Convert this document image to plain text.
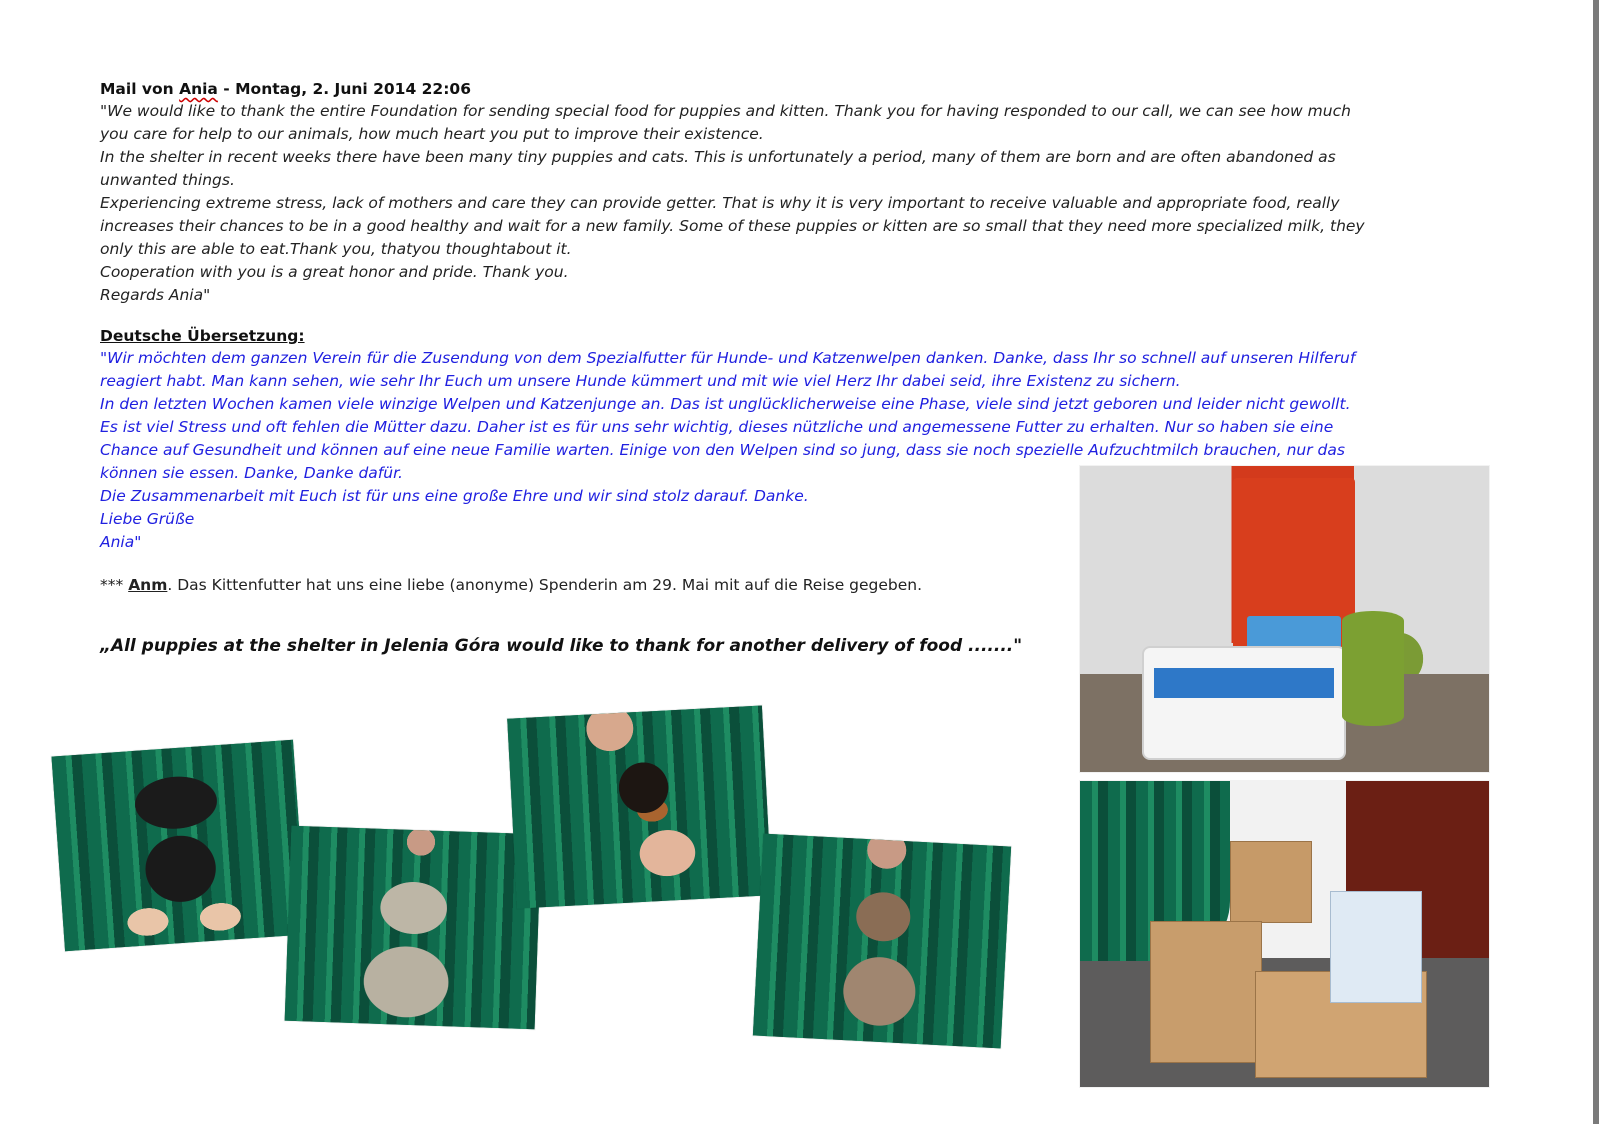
Mail von Ania - Montag, 2. Juni 2014 22:06

"We would like to thank the entire Foundation for sending special food for puppies and kitten. Thank you for having responded to our call, we can see how much

you care for help to our animals, how much heart you put to improve their existence.

In the shelter in recent weeks there have been many tiny puppies and cats. This is unfortunately a period, many of them are born and are often abandoned as

unwanted things.

Experiencing extreme stress, lack of mothers and care they can provide getter. That is why it is very important to receive valuable and appropriate food, really

increases their chances to be in a good healthy and wait for a new family. Some of these puppies or kitten are so small that they need more specialized milk, they

only this are able to eat.Thank you, thatyou thoughtabout it.

Cooperation with you is a great honor and pride. Thank you.

Regards Ania"

Deutsche Übersetzung:

"Wir möchten dem ganzen Verein für die Zusendung von dem Spezialfutter für Hunde- und Katzenwelpen danken. Danke, dass Ihr so schnell auf unseren Hilferuf

reagiert habt. Man kann sehen, wie sehr Ihr Euch um unsere Hunde kümmert und mit wie viel Herz Ihr dabei seid, ihre Existenz zu sichern.

In den letzten Wochen kamen viele winzige Welpen und Katzenjunge an. Das ist unglücklicherweise eine Phase, viele sind jetzt geboren und leider nicht gewollt.

Es ist viel Stress und oft fehlen die Mütter dazu. Daher ist es für uns sehr wichtig, dieses nützliche und angemessene Futter zu erhalten. Nur so haben sie eine

Chance auf Gesundheit und können auf eine neue Familie warten. Einige von den Welpen sind so jung, dass sie noch spezielle Aufzuchtmilch brauchen, nur das

können sie essen. Danke, Danke dafür.

Die Zusammenarbeit mit Euch ist für uns eine große Ehre und wir sind stolz darauf. Danke.

Liebe Grüße

Ania"

*** Anm. Das Kittenfutter hat uns eine liebe (anonyme) Spenderin am 29. Mai mit auf die Reise gegeben.
„All puppies at the shelter in Jelenia Góra would like to thank for another delivery of food ......."
